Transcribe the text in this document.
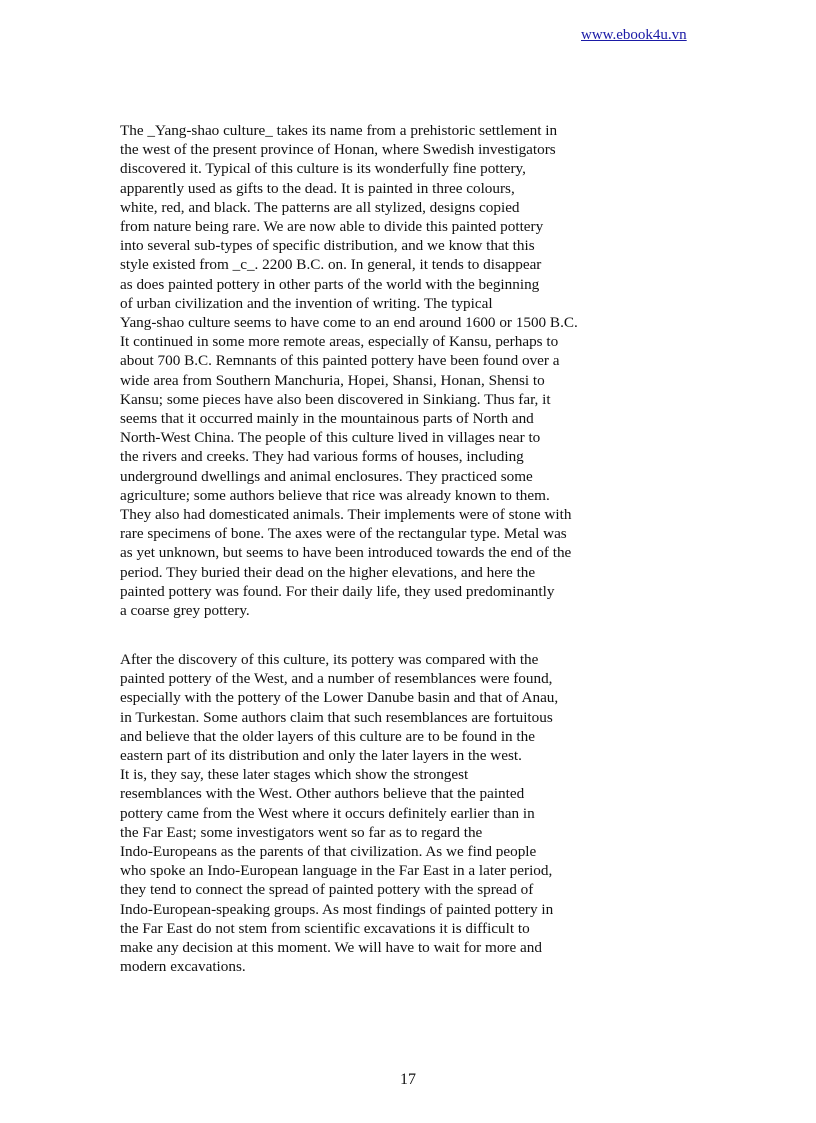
www.ebook4u.vn

The _Yang-shao culture_ takes its name from a prehistoric settlement in
the west of the present province of Honan, where Swedish investigators
discovered it. Typical of this culture is its wonderfully fine pottery,
apparently used as gifts to the dead. It is painted in three colours,
white, red, and black. The patterns are all stylized, designs copied
from nature being rare. We are now able to divide this painted pottery
into several sub-types of specific distribution, and we know that this
style existed from _c_. 2200 B.C. on. In general, it tends to disappear
as does painted pottery in other parts of the world with the beginning
of urban civilization and the invention of writing. The typical
Yang-shao culture seems to have come to an end around 1600 or 1500 B.C.
It continued in some more remote areas, especially of Kansu, perhaps to
about 700 B.C. Remnants of this painted pottery have been found over a
wide area from Southern Manchuria, Hopei, Shansi, Honan, Shensi to
Kansu; some pieces have also been discovered in Sinkiang. Thus far, it
seems that it occurred mainly in the mountainous parts of North and
North-West China. The people of this culture lived in villages near to
the rivers and creeks. They had various forms of houses, including
underground dwellings and animal enclosures. They practiced some
agriculture; some authors believe that rice was already known to them.
They also had domesticated animals. Their implements were of stone with
rare specimens of bone. The axes were of the rectangular type. Metal was
as yet unknown, but seems to have been introduced towards the end of the
period. They buried their dead on the higher elevations, and here the
painted pottery was found. For their daily life, they used predominantly
a coarse grey pottery.

After the discovery of this culture, its pottery was compared with the
painted pottery of the West, and a number of resemblances were found,
especially with the pottery of the Lower Danube basin and that of Anau,
in Turkestan. Some authors claim that such resemblances are fortuitous
and believe that the older layers of this culture are to be found in the
eastern part of its distribution and only the later layers in the west.
It is, they say, these later stages which show the strongest
resemblances with the West. Other authors believe that the painted
pottery came from the West where it occurs definitely earlier than in
the Far East; some investigators went so far as to regard the
Indo-Europeans as the parents of that civilization. As we find people
who spoke an Indo-European language in the Far East in a later period,
they tend to connect the spread of painted pottery with the spread of
Indo-European-speaking groups. As most findings of painted pottery in
the Far East do not stem from scientific excavations it is difficult to
make any decision at this moment. We will have to wait for more and
modern excavations.

17
